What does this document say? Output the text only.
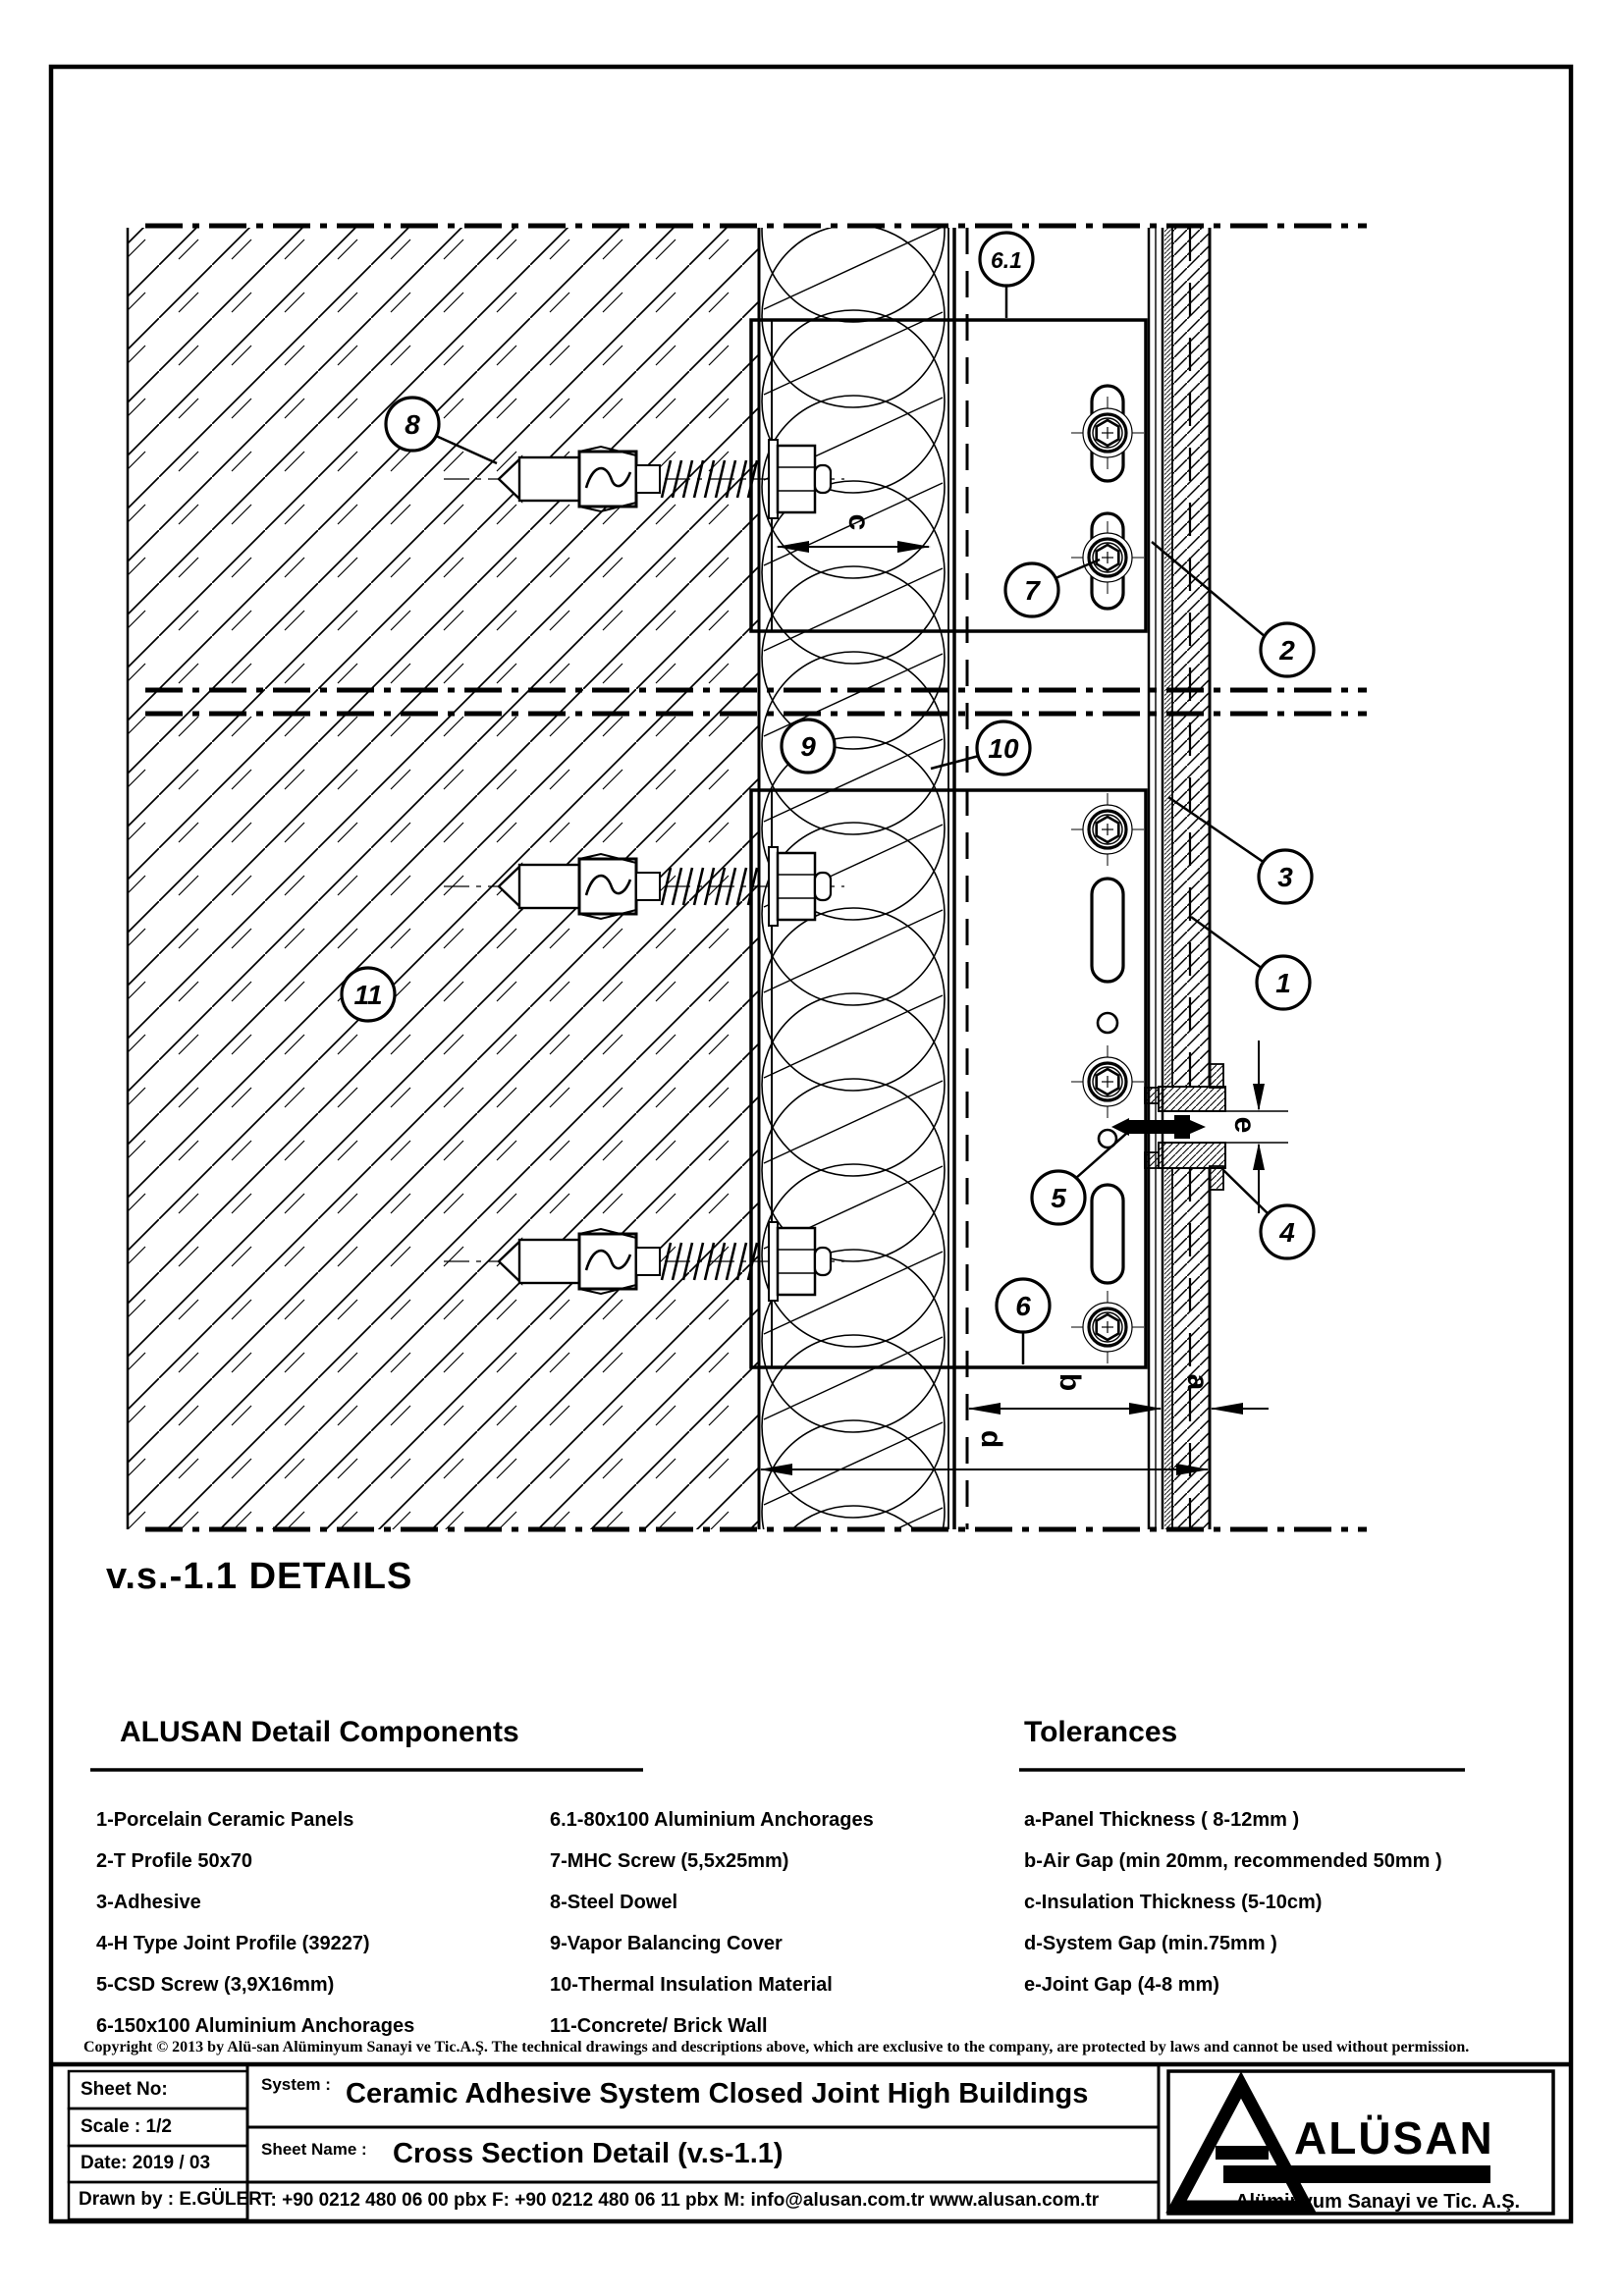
c
b	a
d
e
8
6.1
7
2
9	10
11
3
1
5
4
6
ALÜSAN
Alüminyum Sanayi ve Tic. A.Ş.
v.s.-1.1 DETAILS
ALUSAN Detail Components	Tolerances
1-Porcelain Ceramic Panels
2-T Profile 50x70
3-Adhesive
4-H Type Joint Profile (39227)
5-CSD Screw (3,9X16mm)
6-150x100 Aluminium Anchorages
6.1-80x100 Aluminium Anchorages
7-MHC Screw (5,5x25mm)
8-Steel Dowel
9-Vapor Balancing Cover
10-Thermal Insulation Material
11-Concrete/ Brick Wall
a-Panel Thickness ( 8-12mm )
b-Air Gap (min 20mm, recommended 50mm )
c-Insulation Thickness (5-10cm)
d-System Gap (min.75mm )
e-Joint Gap (4-8 mm)
Copyright © 2013 by Alü-san Alüminyum Sanayi ve Tic.A.Ş. The technical drawings and descriptions above, which are exclusive to the company, are protected by laws and cannot be used without permission.
Sheet No:
Scale : 1/2
Date: 2019 / 03
Drawn by : E.GÜLER
System : Ceramic Adhesive System Closed Joint High Buildings
Sheet Name : Cross Section Detail (v.s-1.1)
T: +90 0212 480 06 00 pbx F: +90 0212 480 06 11 pbx M: info@alusan.com.tr www.alusan.com.tr
